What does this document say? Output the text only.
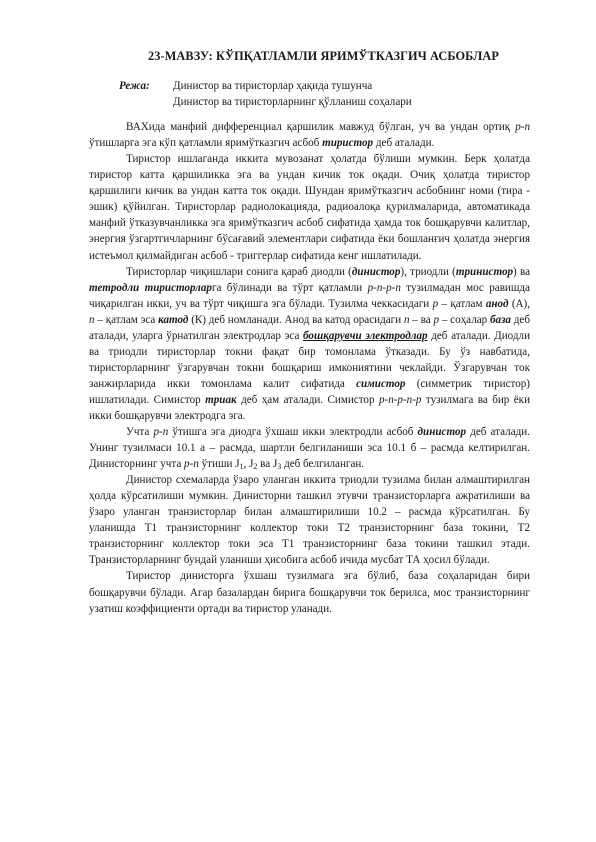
23-МАВЗУ: КЎПҚАТЛАМЛИ ЯРИМЎТКАЗГИЧ АСБОБЛАР
Режа:	Динистор ва тиристорлар ҳақида тушунча
Динистор ва тиристорларнинг қўлланиш соҳалари

ВАХида манфий дифференциал қаршилик мавжуд бўлган, уч ва ундан ортиқ p-n ўтишларга эга кўп қатламли яримўтказгич асбоб тиристор деб аталади.

Тиристор ишлаганда иккита мувозанат ҳолатда бўлиши мумкин. Берк ҳолатда тиристор катта қаршиликка эга ва ундан кичик ток оқади. Очиқ ҳолатда тиристор қаршилиги кичик ва ундан катта ток оқади. Шундан яримўтказгич асбобнинг номи (тира - эшик) қўйилган. Тиристорлар радиолокацияда, радиоалоқа қурилмаларида, автоматикада манфий ўтказувчанликка эга яримўтказгич асбоб сифатида ҳамда ток бошқарувчи калитлар, энергия ўзгартгичларнинг бўсағавий элементлари сифатида ёки бошланғич ҳолатда энергия истеъмол қилмайдиган асбоб - триггерлар сифатида кенг ишлатилади.

Тиристорлар чиқишлари сонига қараб диодли (динистор), триодли (тринистор) ва тетродли тиристорларга бўлинади ва тўрт қатламли p-n-p-n тузилмадан мос равишда чиқарилган икки, уч ва тўрт чиқишга эга бўлади. Тузилма чеккасидаги p – қатлам анод (А), n – қатлам эса катод (К) деб номланади. Анод ва катод орасидаги n – ва p – соҳалар база деб аталади, уларга ўрнатилган электродлар эса бошқарувчи электродлар деб аталади. Диодли ва триодли тиристорлар токни фақат бир томонлама ўтказади. Бу ўз навбатида, тиристорларнинг ўзгарувчан токни бошқариш имкониятини чеклайди. Ўзгарувчан ток занжирларида икки томонлама калит сифатида симистор (симметрик тиристор) ишлатилади. Симистор триак деб ҳам аталади. Симистор p-n-p-n-p тузилмага ва бир ёки икки бошқарувчи электродга эга.

Учта p-n ўтишга эга диодга ўхшаш икки электродли асбоб динистор деб аталади. Унинг тузилмаси 10.1 а – расмда, шартли белгиланиши эса 10.1 б – расмда келтирилган. Динисторнинг учта p-n ўтиши $J_1$, $J_2$ ва $J_3$ деб белгиланган.

Динистор схемаларда ўзаро уланган иккита триодли тузилма билан алмаштирилган ҳолда кўрсатилиши мумкин. Динисторни ташкил этувчи транзисторларга ажратилиши ва ўзаро уланган транзисторлар билан алмаштирилиши 10.2 – расмда кўрсатилган. Бу уланишда Т1 транзисторнинг коллектор токи Т2 транзисторнинг база токини, Т2 транзисторнинг коллектор токи эса Т1 транзисторнинг база токини ташкил этади. Транзисторларнинг бундай уланиши ҳисобига асбоб ичида мусбат ТА ҳосил бўлади.

Тиристор динисторга ўхшаш тузилмага эга бўлиб, база соҳаларидан бири бошқарувчи бўлади. Агар базалардан бирига бошқарувчи ток берилса, мос транзисторнинг узатиш коэффициенти ортади ва тиристор уланади.
